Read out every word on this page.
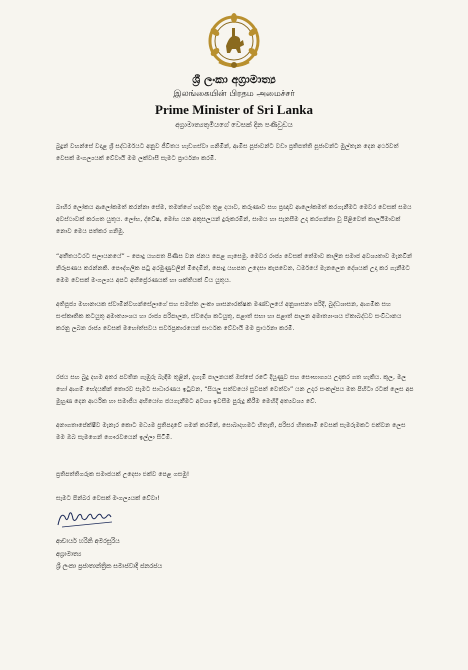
ශ්‍රී ලංකා අග්‍රාමාත්‍ය
இலங்கையின் பிரதம அமைச்சர்
Prime Minister of Sri Lanka
අග්‍රාමාත්‍යතුමියගේ වෙසක් දින පණිවුඩය

බුදුන් වහන්සේ වදාළ ශ්‍රී සද්ධර්මයට අනුව ජීවිතය හැඩගස්වා ගනිමින්, ආමිස පූජාවන්ට වඩා ප්‍රතිපත්ති පූජාවන්ට මුල්තැන දෙන අර්ථවත් වෙසක් මංගල්‍යයක් වේවායි මම ලක්වාසී සැමට ප්‍රාර්ථනා කරමි.

බාහිර ලෝකය ආලෝකමත් කරන්නා සේම, තමන්ගේ හදවත තුළ දයාව, කරුණාව සහ ප්‍රඥාව ආලෝකමත් කරගැනීමට මෙවර වෙසක් සමය අවස්ථාවක් කරගත යුතුය. ලෝභ, ද්වේෂ, මෝහ යන අකුසලයන් දුරුකරමින්, සාමය හා සැනසීම උදා කරගන්නා වූ පිළිවෙත් කාලයීමාවක් නොව මෙය පත්කර ගනිමු.

“අතීතයටරට සලායනයේ” – පොදු යහපත පිණිස වන ජනය පෙළ ගැසෙමු. මෙවර රාජ්‍ය වෙසක් තේමාව කාලීන සමාජ අවශ්‍යතාව මැනවින් නිරූපණය කරන්නකි. පෞද්ගලික පටු අරමුණුවලින් මිදෙමින්, පොදු යහපත උදෙසා කැපවෙන, ධර්මයේ මැනලෙන දේශයක් උදා කර ගැනීමට මෙම වෙසක් මංගල්‍යය අපට අභිප්‍රේරණයක් හා ශක්තියක් විය යුතුය.

අතිපූජ්‍ය මහානායක ස්වාමීන්වහන්සේලාගේ සහ සමස්ත ලංකා ශාසනාරක්ෂක මණ්ඩලයේ අනුශාසනා පරිදි, බුද්ධශාසන, ආගමික සහ සංස්කෘතික කටයුතු අමාත්‍යාංශය හා රාජ්‍ය පරිපාලන, ස්වදේශ කටයුතු, පළාත් සභා හා පළාත් පාලන අමාත්‍යාංශය ඒකාබද්ධව සංවිධානය කරනු ලබන රාජ්‍ය වෙසක් මහෝත්සවය සර්වප්‍රකාරයෙන් සාර්ථක වේවායි මම ප්‍රාර්ථනා කරමි.

රජය සහ බුදු දහම අතර පවතින ගැඹුරු බැඳීම තුළින්, දැහැමි පාලනයක් ඔස්සේ රටේ දියුණුව සහ සෞභාග්‍යය උදාකර ගත හැකිය. කුල, මල හෝ ආගම් භේදයකින් තොරව සැමට සාධාරණය ඉටුවන, “සියලු සත්වයෝ සුවපත් වෙත්වා” යන උදාර සංකල්පය මත පිහිටා රටක් ලෙස අප මුහුණ දෙන ආර්ථික හා සමාජීය අභියෝග ජයගැනීමට අවශ්‍ය ඉවසීම පුරුදු කිරීම මෙහිදී අත්‍යවශ්‍ය වේ.

අනාගතාපේක්ෂීව මැනැර කොට මධ්‍යම ප්‍රතිපදාවේ ගමන් කරමින්, සොබාදහමට හිතැති, පරිසර හිතකාමී වෙසක් සැමරුමකට එක්වන ලෙස මම ඔබ සැමගෙන් ගෞරවයෙන් ඉල්ලා සිටිමි.

ප්‍රතිපත්තිගරුක සමාජයක් උදෙසා එක්ව පෙළ ගසමු!

සැමට පින්බර වෙසක් මංගල්‍යයක් වේවා!

ආචාර්ය හරිනි අමරසූරිය
අග්‍රාමාත්‍ය
ශ්‍රී ලංකා ප්‍රජාතාන්ත්‍රික සමාජවාදී ජනරජය
